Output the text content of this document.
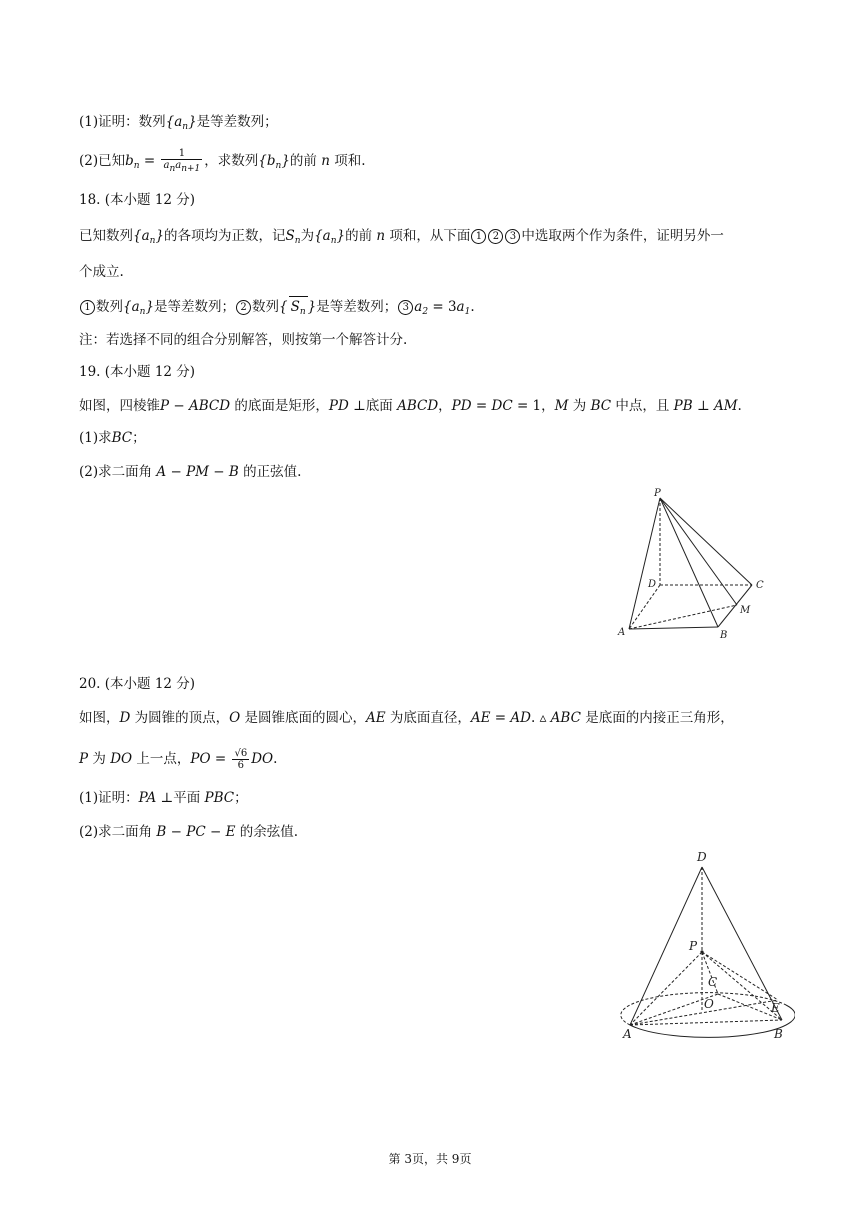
(1)证明：数列$\{a_n\}$是等差数列；
(2)已知$b_n = \frac{1}{a_na_{n+1}}$ ，求数列$\{b_n\}$的前 n 项和.
18. (本小题 12 分)
已知数列$\{a_n\}$的各项均为正数，记$S_n$为$\{a_n\}$的前 n 项和，从下面 1 2 3 中选取两个作为条件，证明另外一
个成立.
1 数列$\{a_n\}$是等差数列； 2 数列{ $S_n$ }是等差数列； 3 $a_2 = 3a_1$.
注：若选择不同的组合分别解答，则按第一个解答计分.
19. (本小题 12 分)
如图，四棱锥P − ABCD 的底面是矩形，PD ⊥底面 ABCD，PD = DC = 1，M 为 BC 中点，且 PB ⊥ AM.
(1)求BC；
(2)求二面角 A − PM − B 的正弦值.
P
D	C
M
A	B
20. (本小题 12 分)
如图，D 为圆锥的顶点，O 是圆锥底面的圆心，AE 为底面直径，AE = AD. ▵ ABC 是底面的内接正三角形，
P 为 DO 上一点，PO = $\frac{√6}{6}$ DO.
(1)证明：PA ⊥平面 PBC；
(2)求二面角 B − PC − E 的余弦值.
D
P
C
O	E
A	B
第 3页，共 9页
